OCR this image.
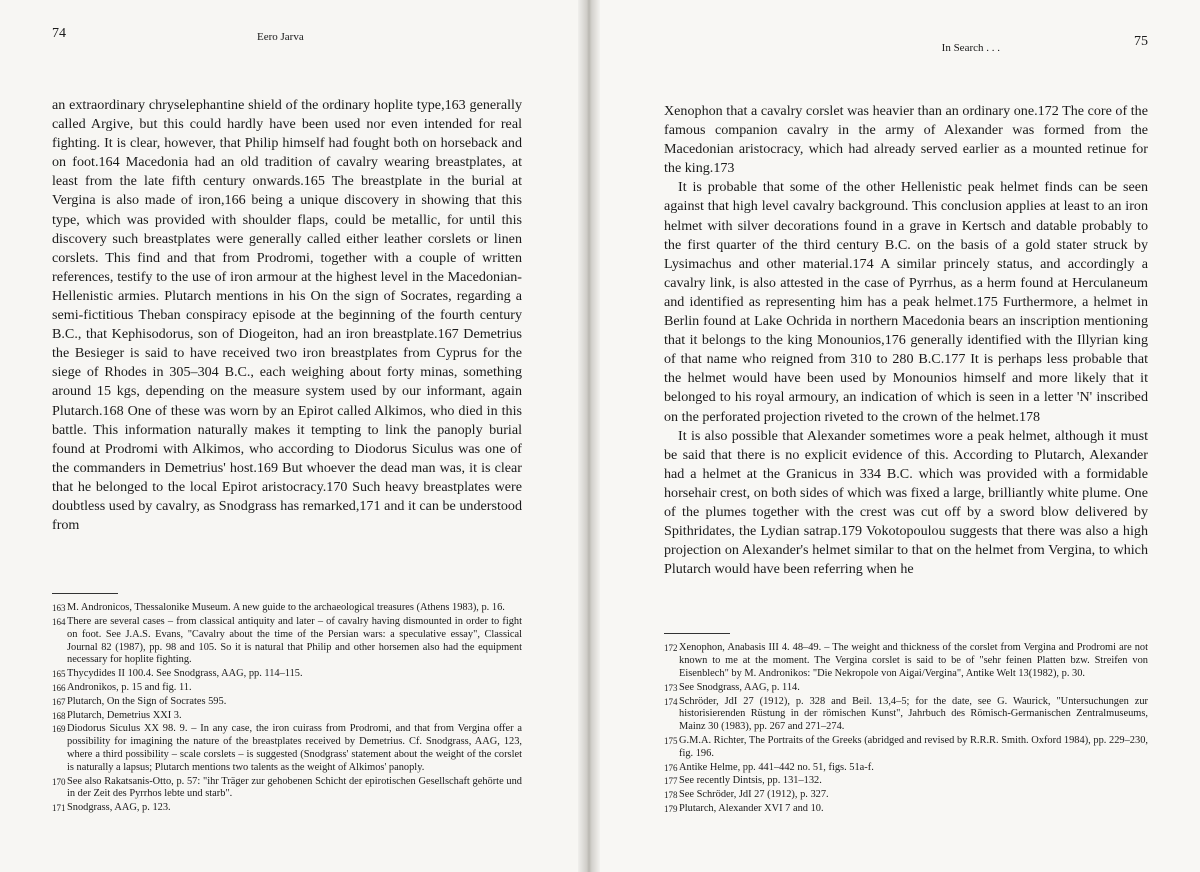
74	Eero Jarva

an extraordinary chryselephantine shield of the ordinary hoplite type,163 generally called Argive, but this could hardly have been used nor even intended for real fighting. It is clear, however, that Philip himself had fought both on horseback and on foot.164 Macedonia had an old tradition of cavalry wearing breastplates, at least from the late fifth century onwards.165 The breastplate in the burial at Vergina is also made of iron,166 being a unique discovery in showing that this type, which was provided with shoulder flaps, could be metallic, for until this discovery such breastplates were generally called either leather corslets or linen corslets. This find and that from Prodromi, together with a couple of written references, testify to the use of iron armour at the highest level in the Macedonian-Hellenistic armies. Plutarch mentions in his On the sign of Socrates, regarding a semi-fictitious Theban conspiracy episode at the beginning of the fourth century B.C., that Kephisodorus, son of Diogeiton, had an iron breastplate.167 Demetrius the Besieger is said to have received two iron breastplates from Cyprus for the siege of Rhodes in 305–304 B.C., each weighing about forty minas, something around 15 kgs, depending on the measure system used by our informant, again Plutarch.168 One of these was worn by an Epirot called Alkimos, who died in this battle. This information naturally makes it tempting to link the panoply burial found at Prodromi with Alkimos, who according to Diodorus Siculus was one of the commanders in Demetrius' host.169 But whoever the dead man was, it is clear that he belonged to the local Epirot aristocracy.170 Such heavy breastplates were doubtless used by cavalry, as Snodgrass has remarked,171 and it can be understood from

163 M. Andronicos, Thessalonike Museum. A new guide to the archaeological treasures (Athens 1983), p. 16.
164 There are several cases – from classical antiquity and later – of cavalry having dismounted in order to fight on foot. See J.A.S. Evans, "Cavalry about the time of the Persian wars: a speculative essay", Classical Journal 82 (1987), pp. 98 and 105. So it is natural that Philip and other horsemen also had the equipment necessary for hoplite fighting.
165 Thycydides II 100.4. See Snodgrass, AAG, pp. 114–115.
166 Andronikos, p. 15 and fig. 11.
167 Plutarch, On the Sign of Socrates 595.
168 Plutarch, Demetrius XXI 3.
169 Diodorus Siculus XX 98. 9. – In any case, the iron cuirass from Prodromi, and that from Vergina offer a possibility for imagining the nature of the breastplates received by Demetrius. Cf. Snodgrass, AAG, 123, where a third possibility – scale corslets – is suggested (Snodgrass' statement about the weight of the corslet is naturally a lapsus; Plutarch mentions two talents as the weight of Alkimos' panoply.
170 See also Rakatsanis-Otto, p. 57: "ihr Träger zur gehobenen Schicht der epirotischen Gesellschaft gehörte und in der Zeit des Pyrrhos lebte und starb".
171 Snodgrass, AAG, p. 123.
In Search . . .	75

Xenophon that a cavalry corslet was heavier than an ordinary one.172 The core of the famous companion cavalry in the army of Alexander was formed from the Macedonian aristocracy, which had already served earlier as a mounted retinue for the king.173

It is probable that some of the other Hellenistic peak helmet finds can be seen against that high level cavalry background. This conclusion applies at least to an iron helmet with silver decorations found in a grave in Kertsch and datable probably to the first quarter of the third century B.C. on the basis of a gold stater struck by Lysimachus and other material.174 A similar princely status, and accordingly a cavalry link, is also attested in the case of Pyrrhus, as a herm found at Herculaneum and identified as representing him has a peak helmet.175 Furthermore, a helmet in Berlin found at Lake Ochrida in northern Macedonia bears an inscription mentioning that it belongs to the king Monounios,176 generally identified with the Illyrian king of that name who reigned from 310 to 280 B.C.177 It is perhaps less probable that the helmet would have been used by Monounios himself and more likely that it belonged to his royal armoury, an indication of which is seen in a letter 'N' inscribed on the perforated projection riveted to the crown of the helmet.178

It is also possible that Alexander sometimes wore a peak helmet, although it must be said that there is no explicit evidence of this. According to Plutarch, Alexander had a helmet at the Granicus in 334 B.C. which was provided with a formidable horsehair crest, on both sides of which was fixed a large, brilliantly white plume. One of the plumes together with the crest was cut off by a sword blow delivered by Spithridates, the Lydian satrap.179 Vokotopoulou suggests that there was also a high projection on Alexander's helmet similar to that on the helmet from Vergina, to which Plutarch would have been referring when he

172 Xenophon, Anabasis III 4. 48–49. – The weight and thickness of the corslet from Vergina and Prodromi are not known to me at the moment. The Vergina corslet is said to be of "sehr feinen Platten bzw. Streifen von Eisenblech" by M. Andronikos: "Die Nekropole von Aigai/Vergina", Antike Welt 13(1982), p. 30.
173 See Snodgrass, AAG, p. 114.
174 Schröder, JdI 27 (1912), p. 328 and Beil. 13,4–5; for the date, see G. Waurick, "Untersuchungen zur historisierenden Rüstung in der römischen Kunst", Jahrbuch des Römisch-Germanischen Zentralmuseums, Mainz 30 (1983), pp. 267 and 271–274.
175 G.M.A. Richter, The Portraits of the Greeks (abridged and revised by R.R.R. Smith. Oxford 1984), pp. 229–230, fig. 196.
176 Antike Helme, pp. 441–442 no. 51, figs. 51a-f.
177 See recently Dintsis, pp. 131–132.
178 See Schröder, JdI 27 (1912), p. 327.
179 Plutarch, Alexander XVI 7 and 10.
